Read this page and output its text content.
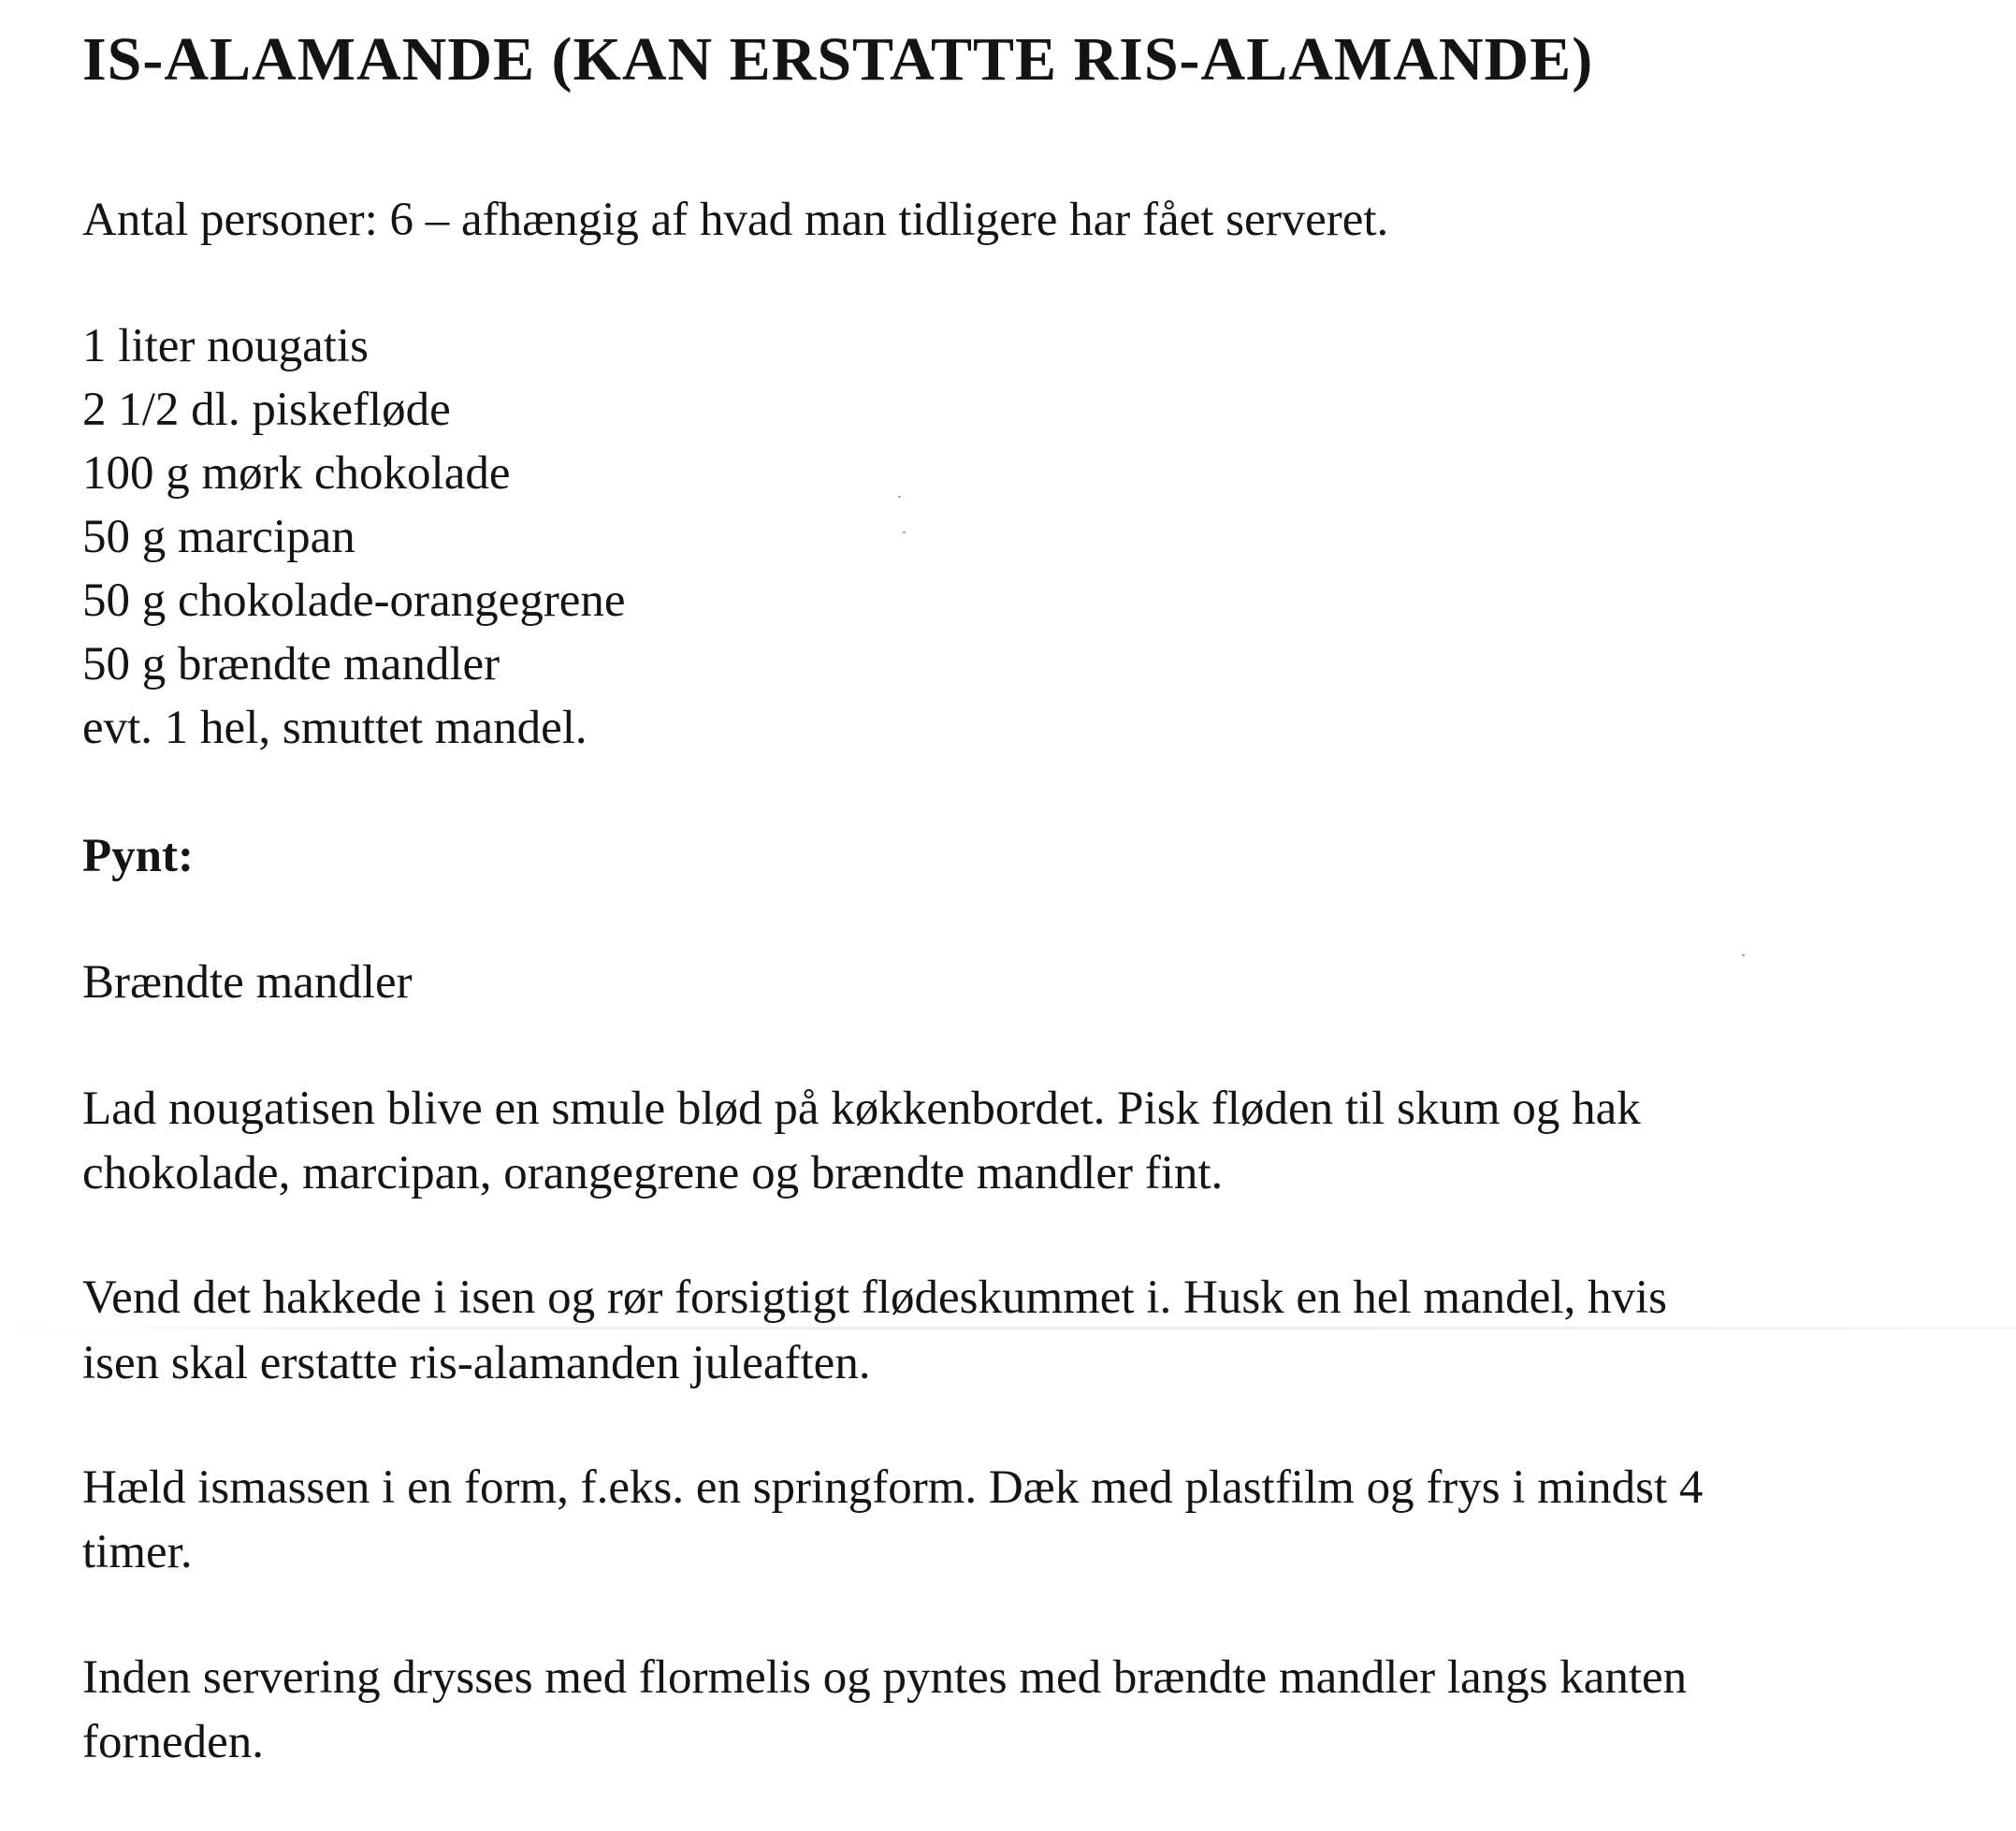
IS-ALAMANDE (KAN ERSTATTE RIS-ALAMANDE)
Antal personer: 6 – afhængig af hvad man tidligere har fået serveret.
1 liter nougatis
2 1/2 dl. piskefløde
100 g mørk chokolade
50 g marcipan
50 g chokolade-orangegrene
50 g brændte mandler
evt. 1 hel, smuttet mandel.
Pynt:
Brændte mandler
Lad nougatisen blive en smule blød på køkkenbordet. Pisk fløden til skum og hak
chokolade, marcipan, orangegrene og brændte mandler fint.
Vend det hakkede i isen og rør forsigtigt flødeskummet i. Husk en hel mandel, hvis
isen skal erstatte ris-alamanden juleaften.
Hæld ismassen i en form, f.eks. en springform. Dæk med plastfilm og frys i mindst 4
timer.
Inden servering drysses med flormelis og pyntes med brændte mandler langs kanten
forneden.
